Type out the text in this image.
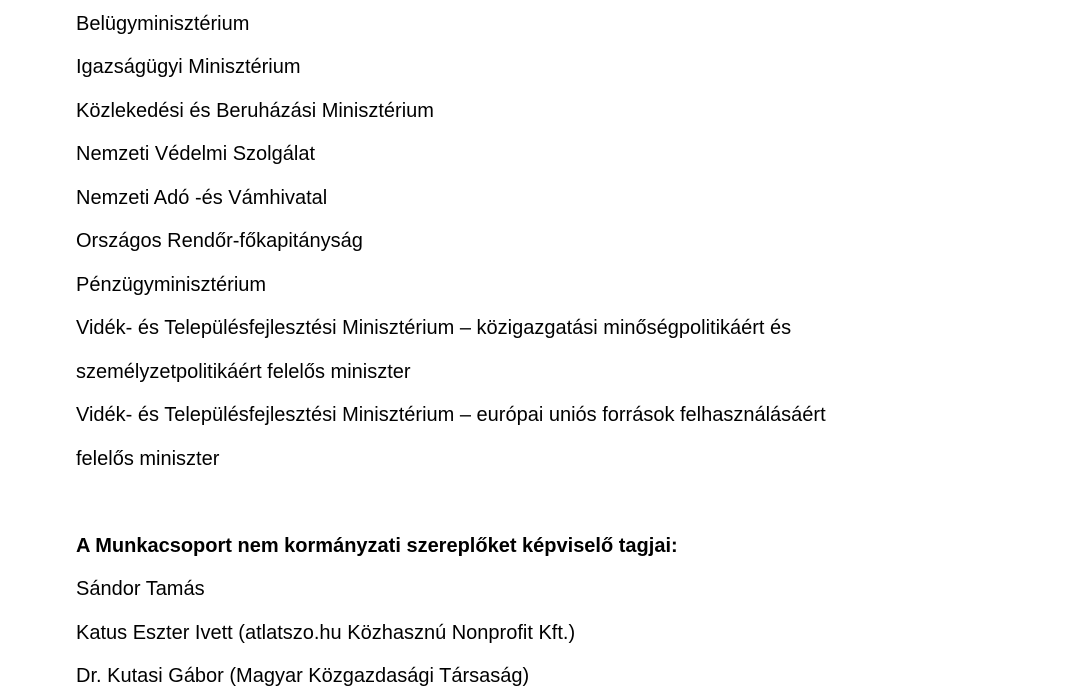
Belügyminisztérium
Igazságügyi Minisztérium
Közlekedési és Beruházási Minisztérium
Nemzeti Védelmi Szolgálat
Nemzeti Adó -és Vámhivatal
Országos Rendőr-főkapitányság
Pénzügyminisztérium
Vidék- és Településfejlesztési Minisztérium – közigazgatási minőségpolitikáért és
személyzetpolitikáért felelős miniszter
Vidék- és Településfejlesztési Minisztérium – európai uniós források felhasználásáért
felelős miniszter
A Munkacsoport nem kormányzati szereplőket képviselő tagjai:
Sándor Tamás
Katus Eszter Ivett (atlatszo.hu Közhasznú Nonprofit Kft.)
Dr. Kutasi Gábor (Magyar Közgazdasági Társaság)
